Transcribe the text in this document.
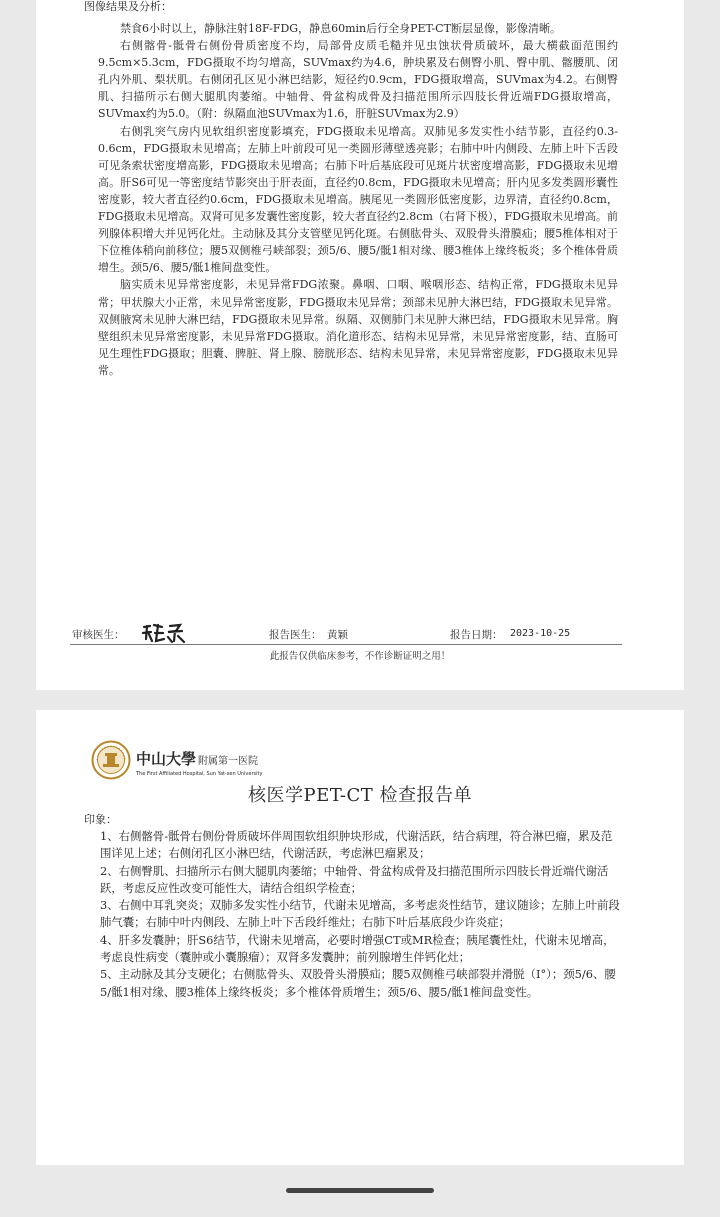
图像结果及分析：

禁食6小时以上，静脉注射18F-FDG，静息60min后行全身PET-CT断层显像，影像清晰。

右侧髂骨-骶骨右侧份骨质密度不均，局部骨皮质毛糙并见虫蚀状骨质破坏，最大横截面范围约9.5cm×5.3cm，FDG摄取不均匀增高，SUVmax约为4.6，肿块累及右侧臀小肌、臀中肌、髂腰肌、闭孔内外肌、梨状肌。右侧闭孔区见小淋巴结影，短径约0.9cm，FDG摄取增高，SUVmax为4.2。右侧臀肌、扫描所示右侧大腿肌肉萎缩。中轴骨、骨盆构成骨及扫描范围所示四肢长骨近端FDG摄取增高，SUVmax约为5.0。（附：纵隔血池SUVmax为1.6，肝脏SUVmax为2.9）

右侧乳突气房内见软组织密度影填充，FDG摄取未见增高。双肺见多发实性小结节影，直径约0.3-0.6cm，FDG摄取未见增高；左肺上叶前段可见一类圆形薄壁透亮影；右肺中叶内侧段、左肺上叶下舌段可见条索状密度增高影，FDG摄取未见增高；右肺下叶后基底段可见斑片状密度增高影，FDG摄取未见增高。肝S6可见一等密度结节影突出于肝表面，直径约0.8cm，FDG摄取未见增高；肝内见多发类圆形囊性密度影，较大者直径约0.6cm，FDG摄取未见增高。胰尾见一类圆形低密度影，边界清，直径约0.8cm，FDG摄取未见增高。双肾可见多发囊性密度影，较大者直径约2.8cm（右肾下极），FDG摄取未见增高。前列腺体积增大并见钙化灶。主动脉及其分支管壁见钙化斑。右侧肱骨头、双股骨头滑膜疝；腰5椎体相对于下位椎体稍向前移位；腰5双侧椎弓峡部裂；颈5/6、腰5/骶1相对缘、腰3椎体上缘终板炎；多个椎体骨质增生。颈5/6、腰5/骶1椎间盘变性。

脑实质未见异常密度影，未见异常FDG浓聚。鼻咽、口咽、喉咽形态、结构正常，FDG摄取未见异常；甲状腺大小正常，未见异常密度影，FDG摄取未见异常；颈部未见肿大淋巴结，FDG摄取未见异常。双侧腋窝未见肿大淋巴结，FDG摄取未见异常。纵隔、双侧肺门未见肿大淋巴结，FDG摄取未见异常。胸壁组织未见异常密度影，未见异常FDG摄取。消化道形态、结构未见异常，未见异常密度影，结、直肠可见生理性FDG摄取；胆囊、脾脏、肾上腺、膀胱形态、结构未见异常，未见异常密度影，FDG摄取未见异常。

审核医生：	报告医生： 黄颖	报告日期： 2023-10-25
此报告仅供临床参考，不作诊断证明之用！
中山大學 附属第一医院
The First Affiliated Hospital, Sun Yat-sen University
核医学PET-CT 检查报告单
印象：
1、右侧髂骨-骶骨右侧份骨质破坏伴周围软组织肿块形成，代谢活跃，结合病理，符合淋巴瘤，累及范围详见上述；右侧闭孔区小淋巴结，代谢活跃，考虑淋巴瘤累及；
2、右侧臀肌、扫描所示右侧大腿肌肉萎缩；中轴骨、骨盆构成骨及扫描范围所示四肢长骨近端代谢活跃，考虑反应性改变可能性大，请结合组织学检查；
3、右侧中耳乳突炎；双肺多发实性小结节，代谢未见增高，多考虑炎性结节，建议随诊；左肺上叶前段肺气囊；右肺中叶内侧段、左肺上叶下舌段纤维灶；右肺下叶后基底段少许炎症；
4、肝多发囊肿；肝S6结节，代谢未见增高，必要时增强CT或MR检查；胰尾囊性灶，代谢未见增高，考虑良性病变（囊肿或小囊腺瘤）；双肾多发囊肿；前列腺增生伴钙化灶；
5、主动脉及其分支硬化；右侧肱骨头、双股骨头滑膜疝；腰5双侧椎弓峡部裂并滑脱（Ⅰ°）；颈5/6、腰5/骶1相对缘、腰3椎体上缘终板炎；多个椎体骨质增生；颈5/6、腰5/骶1椎间盘变性。
